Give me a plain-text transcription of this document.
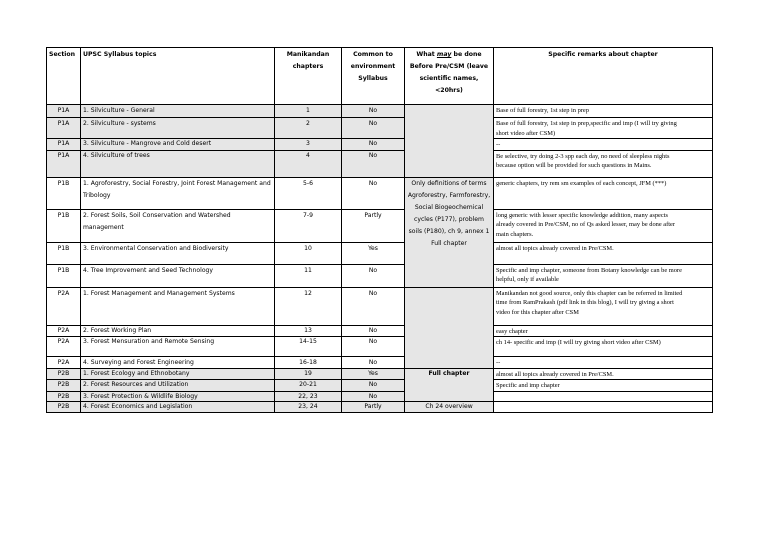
Section	UPSC Syllabus topics	Manikandan chapters	Common to environment Syllabus	What may be done Before Pre/CSM (leave scientific names, <20hrs)	Specific remarks about chapter
P1A	1. Silviculture - General	1	No		Base of full forestry, 1st step in prep
P1A	2. Silviculture - systems	2	No		Base of full forestry, 1st step in prep,specific and imp (I will try giving
short video after CSM)
P1A	3. Silviculture - Mangrove and Cold desert	3	No		--
P1A	4. Silviculture of trees	4	No		Be selective, try doing 2-3 spp each day, no need of sleepless nights
because option will be provided for such questions in Mains.
P1B	1. Agroforestry, Social Forestry, Joint Forest Management and Tribology	5-6	No	Only definitions of terms Agroforestry, Farmforestry, Social Biogeochemical cycles (P177), problem soils (P180), ch 9, annex 1 Full chapter	generic chapters, try rem sm examples of each concept, JFM (***)
P1B	2. Forest Soils, Soil Conservation and Watershed management	7-9	Partly		long generic with lesser specific knowledge addition, many aspects
already covered in Pre/CSM, no of Qs asked lesser, may be done after
main chapters.
P1B	3. Environmental Conservation and Biodiversity	10	Yes		almost all topics already covered in Pre/CSM.
P1B	4. Tree Improvement and Seed Technology	11	No		Specific and imp chapter, someone from Botany knowledge can be more
helpful, only if available
P2A	1. Forest Management and Management Systems	12	No		Manikandan not good source, only this chapter can be referred in limited
time from RamPrakash (pdf link in this blog), I will try giving a short
video for this chapter after CSM
P2A	2. Forest Working Plan	13	No		easy chapter
P2A	3. Forest Mensuration and Remote Sensing	14-15	No		ch 14- specific and imp (I will try giving short video after CSM)
P2A	4. Surveying and Forest Engineering	16-18	No		--
P2B	1. Forest Ecology and Ethnobotany	19	Yes	Full chapter	almost all topics already covered in Pre/CSM.
P2B	2. Forest Resources and Utilization	20-21	No		Specific and imp chapter
P2B	3. Forest Protection & Wildlife Biology	22, 23	No		
P2B	4. Forest Economics and Legislation	23, 24	Partly	Ch 24 overview	
